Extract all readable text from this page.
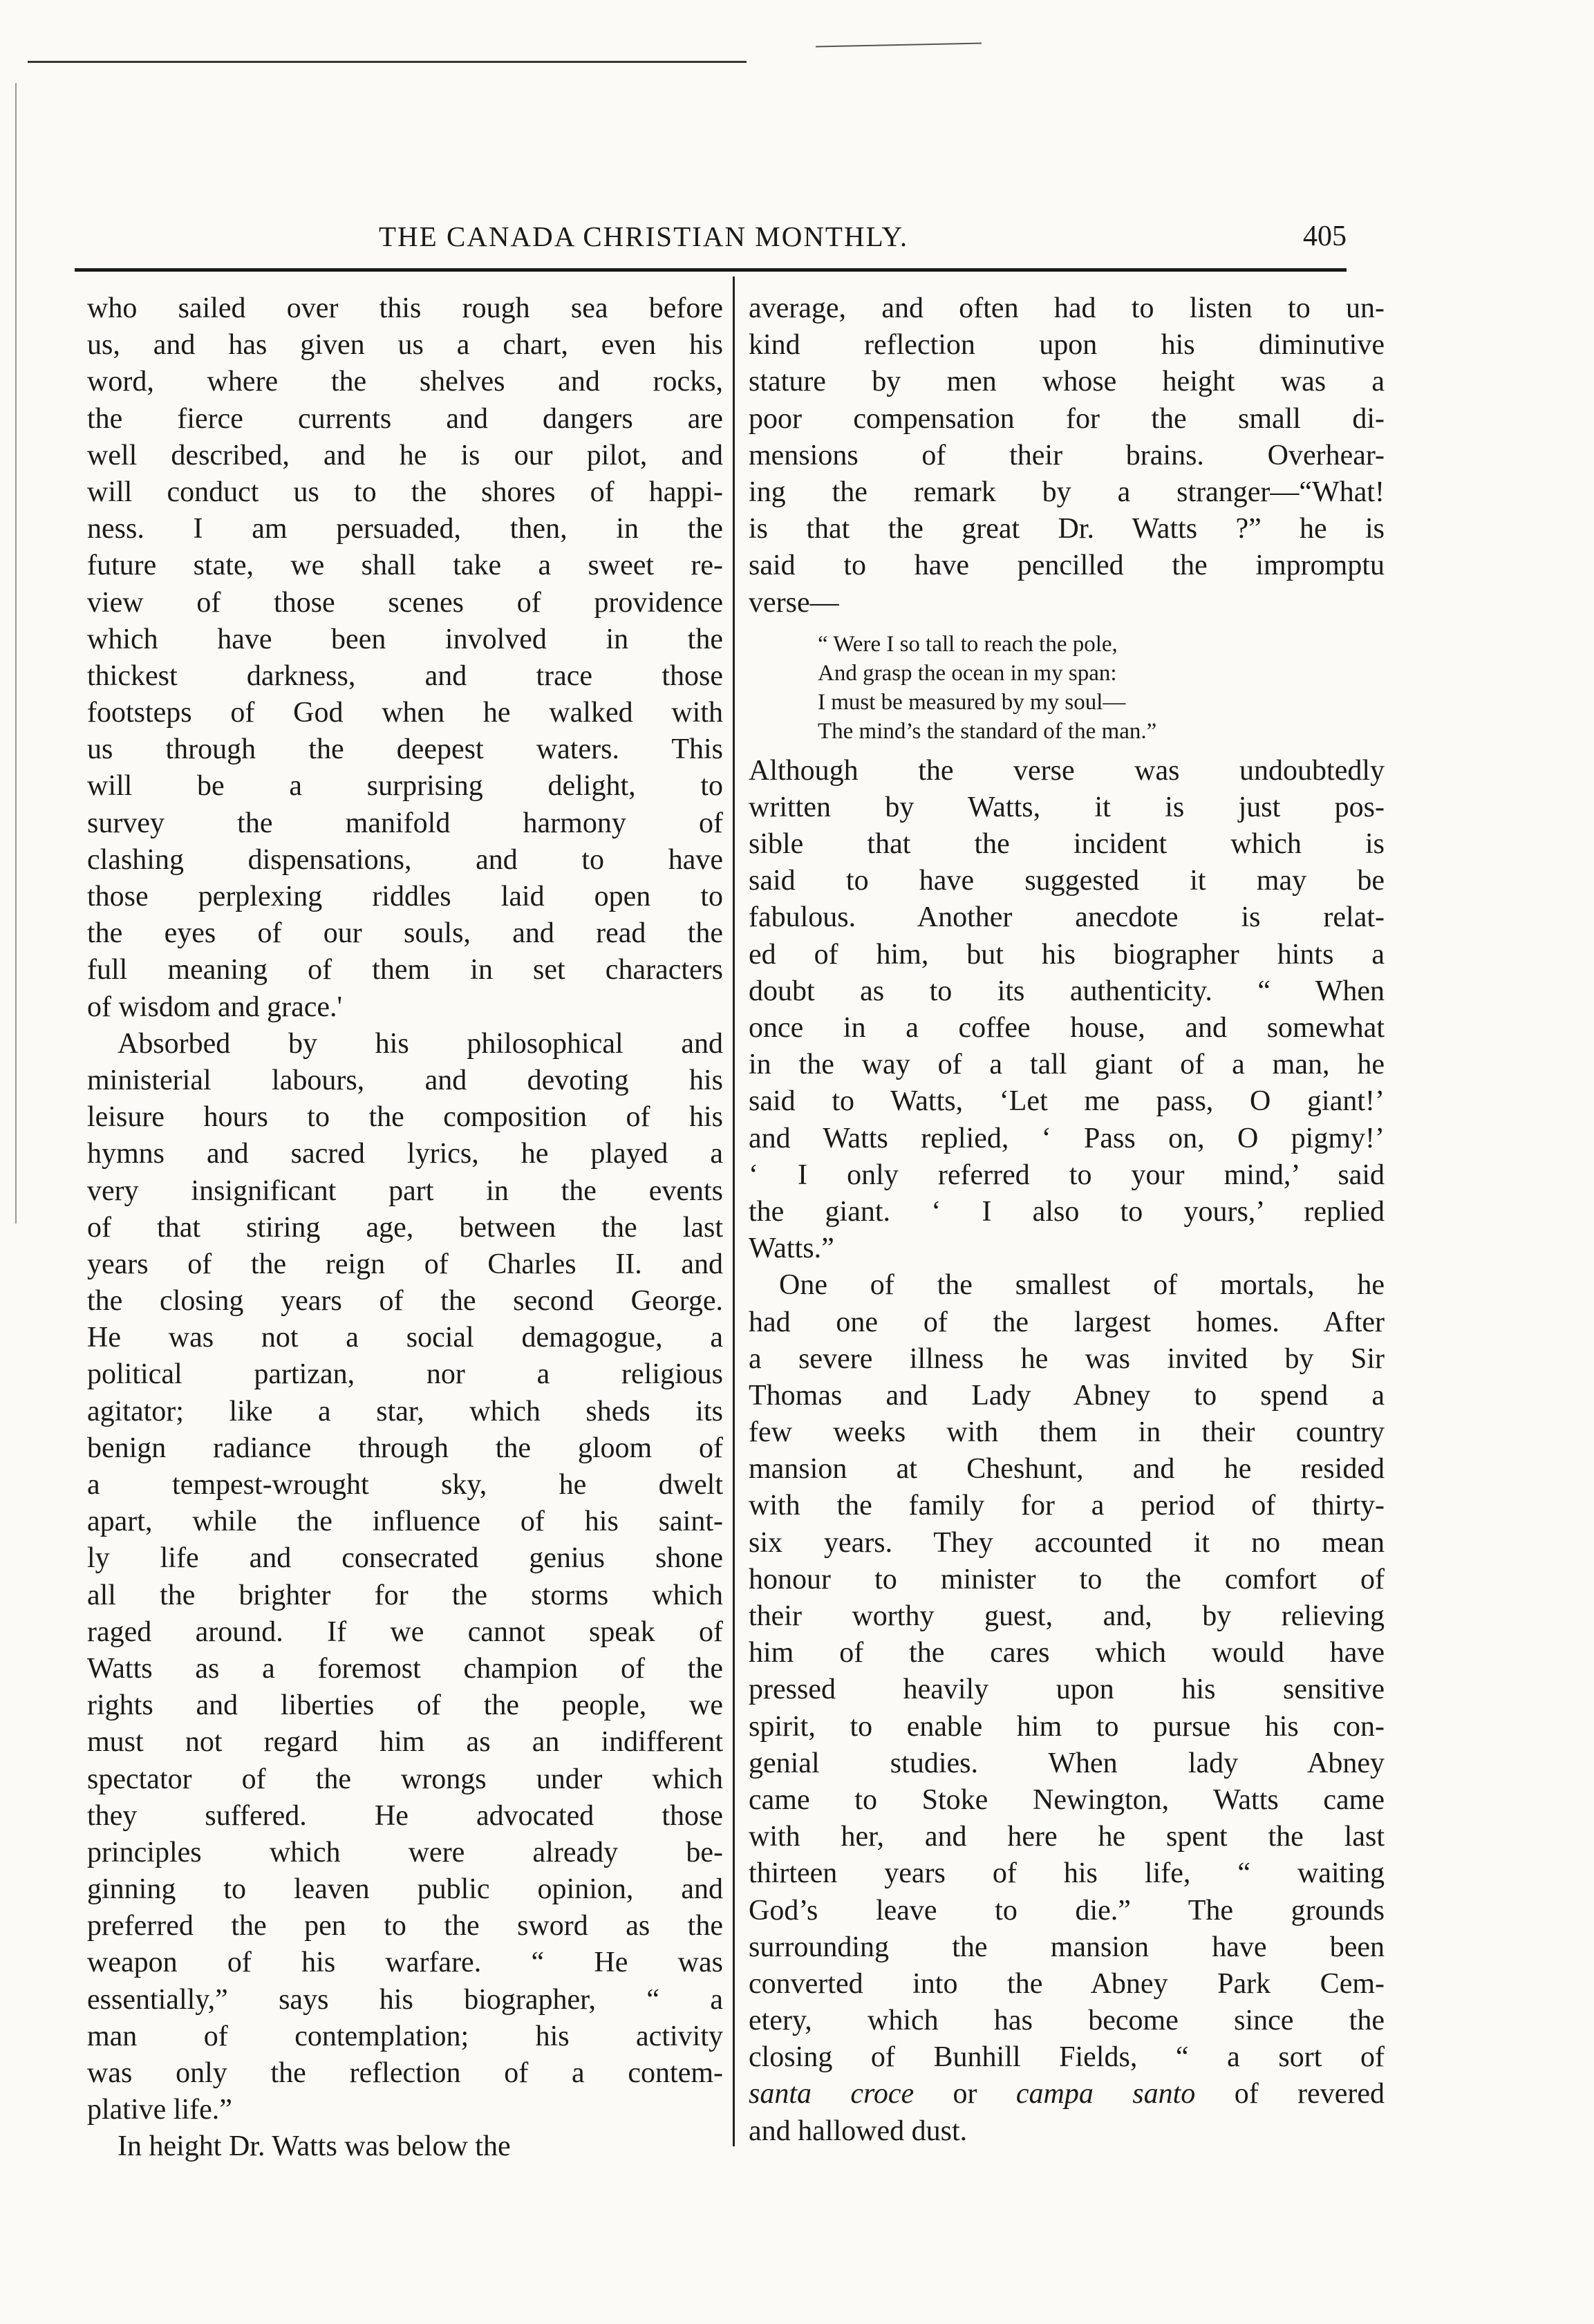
THE CANADA CHRISTIAN MONTHLY.	405
who sailed over this rough sea before
us, and has given us a chart, even his
word, where the shelves and rocks,
the fierce currents and dangers are
well described, and he is our pilot, and
will conduct us to the shores of happi-
ness. I am persuaded, then, in the
future state, we shall take a sweet re-
view of those scenes of providence
which have been involved in the
thickest darkness, and trace those
footsteps of God when he walked with
us through the deepest waters. This
will be a surprising delight, to
survey the manifold harmony of
clashing dispensations, and to have
those perplexing riddles laid open to
the eyes of our souls, and read the
full meaning of them in set characters
of wisdom and grace.'
Absorbed by his philosophical and
ministerial labours, and devoting his
leisure hours to the composition of his
hymns and sacred lyrics, he played a
very insignificant part in the events
of that stiring age, between the last
years of the reign of Charles II. and
the closing years of the second George.
He was not a social demagogue, a
political partizan, nor a religious
agitator; like a star, which sheds its
benign radiance through the gloom of
a tempest-wrought sky, he dwelt
apart, while the influence of his saint-
ly life and consecrated genius shone
all the brighter for the storms which
raged around. If we cannot speak of
Watts as a foremost champion of the
rights and liberties of the people, we
must not regard him as an indifferent
spectator of the wrongs under which
they suffered. He advocated those
principles which were already be-
ginning to leaven public opinion, and
preferred the pen to the sword as the
weapon of his warfare. “ He was
essentially,” says his biographer, “ a
man of contemplation; his activity
was only the reflection of a contem-
plative life.”
In height Dr. Watts was below the
average, and often had to listen to un-
kind reflection upon his diminutive
stature by men whose height was a
poor compensation for the small di-
mensions of their brains. Overhear-
ing the remark by a stranger—“What!
is that the great Dr. Watts ?” he is
said to have pencilled the impromptu
verse—
“ Were I so tall to reach the pole,
And grasp the ocean in my span:
I must be measured by my soul—
The mind’s the standard of the man.”
Although the verse was undoubtedly
written by Watts, it is just pos-
sible that the incident which is
said to have suggested it may be
fabulous. Another anecdote is relat-
ed of him, but his biographer hints a
doubt as to its authenticity. “ When
once in a coffee house, and somewhat
in the way of a tall giant of a man, he
said to Watts, ‘Let me pass, O giant!’
and Watts replied, ‘ Pass on, O pigmy!’
‘ I only referred to your mind,’ said
the giant. ‘ I also to yours,’ replied
Watts.”
One of the smallest of mortals, he
had one of the largest homes. After
a severe illness he was invited by Sir
Thomas and Lady Abney to spend a
few weeks with them in their country
mansion at Cheshunt, and he resided
with the family for a period of thirty-
six years. They accounted it no mean
honour to minister to the comfort of
their worthy guest, and, by relieving
him of the cares which would have
pressed heavily upon his sensitive
spirit, to enable him to pursue his con-
genial studies. When lady Abney
came to Stoke Newington, Watts came
with her, and here he spent the last
thirteen years of his life, “ waiting
God’s leave to die.” The grounds
surrounding the mansion have been
converted into the Abney Park Cem-
etery, which has become since the
closing of Bunhill Fields, “ a sort of
santa croce or campa santo of revered
and hallowed dust.
